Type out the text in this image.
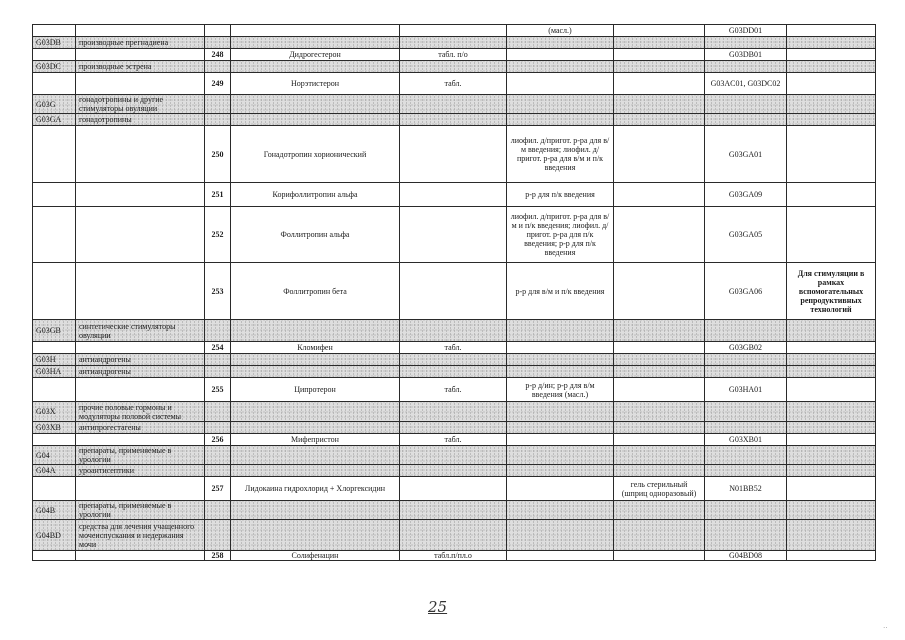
					(масл.)		G03DD01	
G03DB	производные прегнадиена							
		248	Дидрогестерон	табл. п/о			G03DB01	
G03DC	производные эстрена							
		249	Норэтистерон	табл.			G03AC01, G03DC02	
G03G	гонадотропины и другие стимуляторы овуляции							
G03GA	гонадотропины							
		250	Гонадотропин хорионический		лиофил. д/пригот. р-ра для в/м введения; лиофил. д/пригот. р-ра для в/м и п/к введения		G03GA01	
		251	Корифоллитропин альфа		р-р для п/к введения		G03GA09	
		252	Фоллитропин альфа		лиофил. д/пригот. р-ра для в/м и п/к введения; лиофил. д/пригот. р-ра для п/к введения; р-р для п/к введения		G03GA05	
		253	Фоллитропин бета		р-р для в/м и п/к введения		G03GA06	Для стимуляции в рамках вспомогательных репродуктивных технологий
G03GB	синтетические стимуляторы овуляции							
		254	Кломифен	табл.			G03GB02	
G03H	антиандрогены							
G03HA	антиандрогены							
		255	Ципротерон	табл.	р-р д/ин; р-р для в/м введения (масл.)		G03HA01	
G03X	прочие половые гормоны и модуляторы половой системы							
G03XB	антипрогестагены							
		256	Мифепристон	табл.			G03XB01	
G04	препараты, применяемые в урологии							
G04A	уроантисептики							
		257	Лидокаина гидрохлорид + Хлоргексидин			гель стерильный (шприц одноразовый)	N01BB52	
G04B	препараты, применяемые в урологии							
G04BD	средства для лечения учащенного мочеиспускания и недержания мочи							
		258	Солифенацин	табл.п/пл.о			G04BD08	
25
··
